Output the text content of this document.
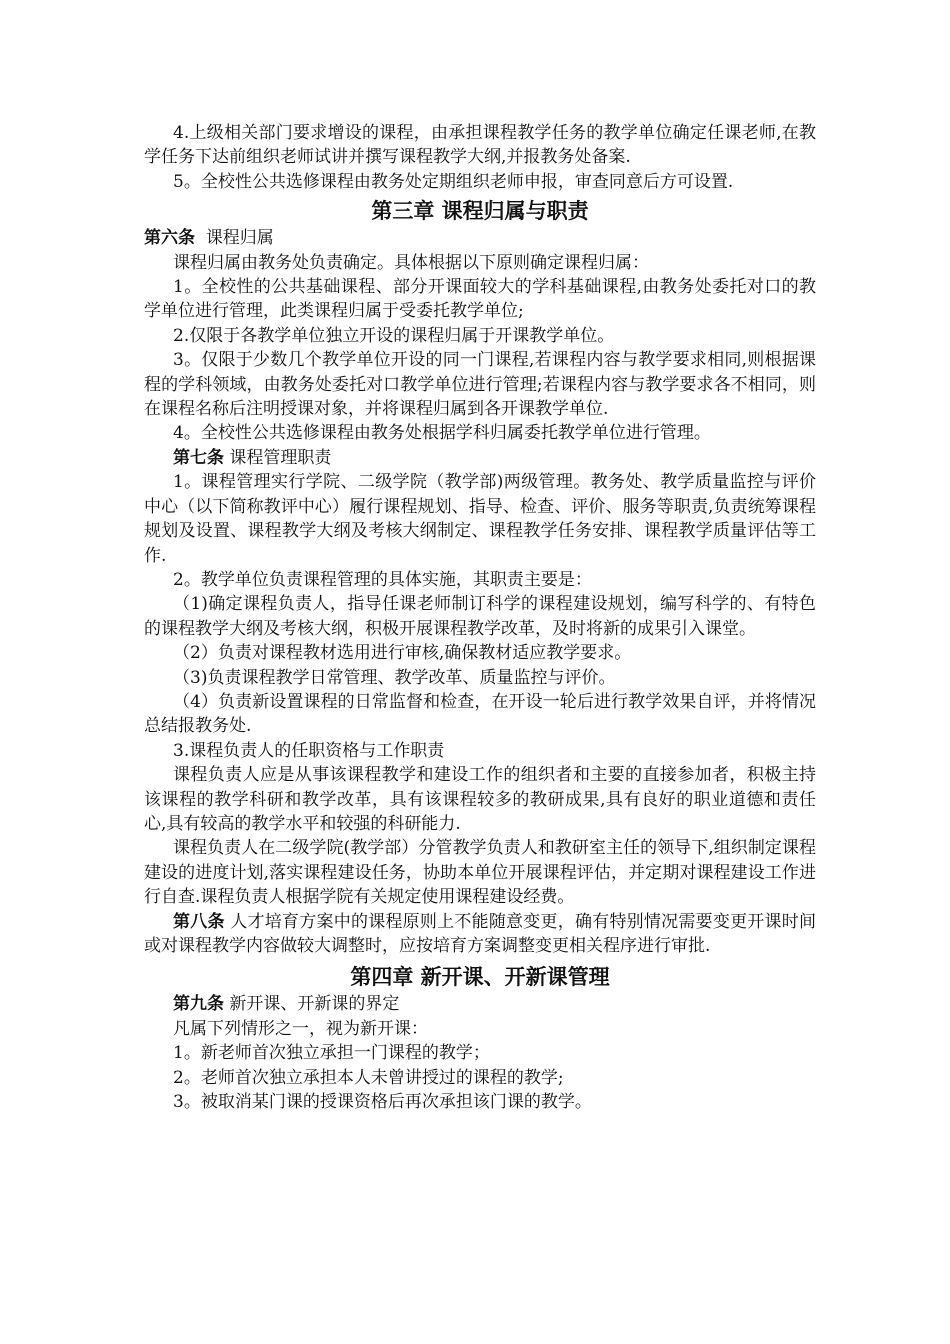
4.上级相关部门要求增设的课程，由承担课程教学任务的教学单位确定任课老师,在教学任务下达前组织老师试讲并撰写课程教学大纲,并报教务处备案.

5。全校性公共选修课程由教务处定期组织老师申报，审查同意后方可设置.

第三章 课程归属与职责

第六条 课程归属

课程归属由教务处负责确定。具体根据以下原则确定课程归属：

1。全校性的公共基础课程、部分开课面较大的学科基础课程,由教务处委托对口的教学单位进行管理，此类课程归属于受委托教学单位;

2.仅限于各教学单位独立开设的课程归属于开课教学单位。

3。仅限于少数几个教学单位开设的同一门课程,若课程内容与教学要求相同,则根据课程的学科领域，由教务处委托对口教学单位进行管理;若课程内容与教学要求各不相同，则在课程名称后注明授课对象，并将课程归属到各开课教学单位.

4。全校性公共选修课程由教务处根据学科归属委托教学单位进行管理。

第七条 课程管理职责

1。课程管理实行学院、二级学院（教学部)两级管理。教务处、教学质量监控与评价中心（以下简称教评中心）履行课程规划、指导、检查、评价、服务等职责,负责统筹课程规划及设置、课程教学大纲及考核大纲制定、课程教学任务安排、课程教学质量评估等工作.

2。教学单位负责课程管理的具体实施，其职责主要是：

（1)确定课程负责人，指导任课老师制订科学的课程建设规划，编写科学的、有特色的课程教学大纲及考核大纲，积极开展课程教学改革，及时将新的成果引入课堂。

（2）负责对课程教材选用进行审核,确保教材适应教学要求。

（3)负责课程教学日常管理、教学改革、质量监控与评价。

（4）负责新设置课程的日常监督和检查，在开设一轮后进行教学效果自评，并将情况总结报教务处.

3.课程负责人的任职资格与工作职责

课程负责人应是从事该课程教学和建设工作的组织者和主要的直接参加者，积极主持该课程的教学科研和教学改革，具有该课程较多的教研成果,具有良好的职业道德和责任心,具有较高的教学水平和较强的科研能力.

课程负责人在二级学院(教学部）分管教学负责人和教研室主任的领导下,组织制定课程建设的进度计划,落实课程建设任务，协助本单位开展课程评估，并定期对课程建设工作进行自查.课程负责人根据学院有关规定使用课程建设经费。

第八条 人才培育方案中的课程原则上不能随意变更，确有特别情况需要变更开课时间或对课程教学内容做较大调整时，应按培育方案调整变更相关程序进行审批.

第四章 新开课、开新课管理

第九条 新开课、开新课的界定

凡属下列情形之一，视为新开课：

1。新老师首次独立承担一门课程的教学；

2。老师首次独立承担本人未曾讲授过的课程的教学;

3。被取消某门课的授课资格后再次承担该门课的教学。
